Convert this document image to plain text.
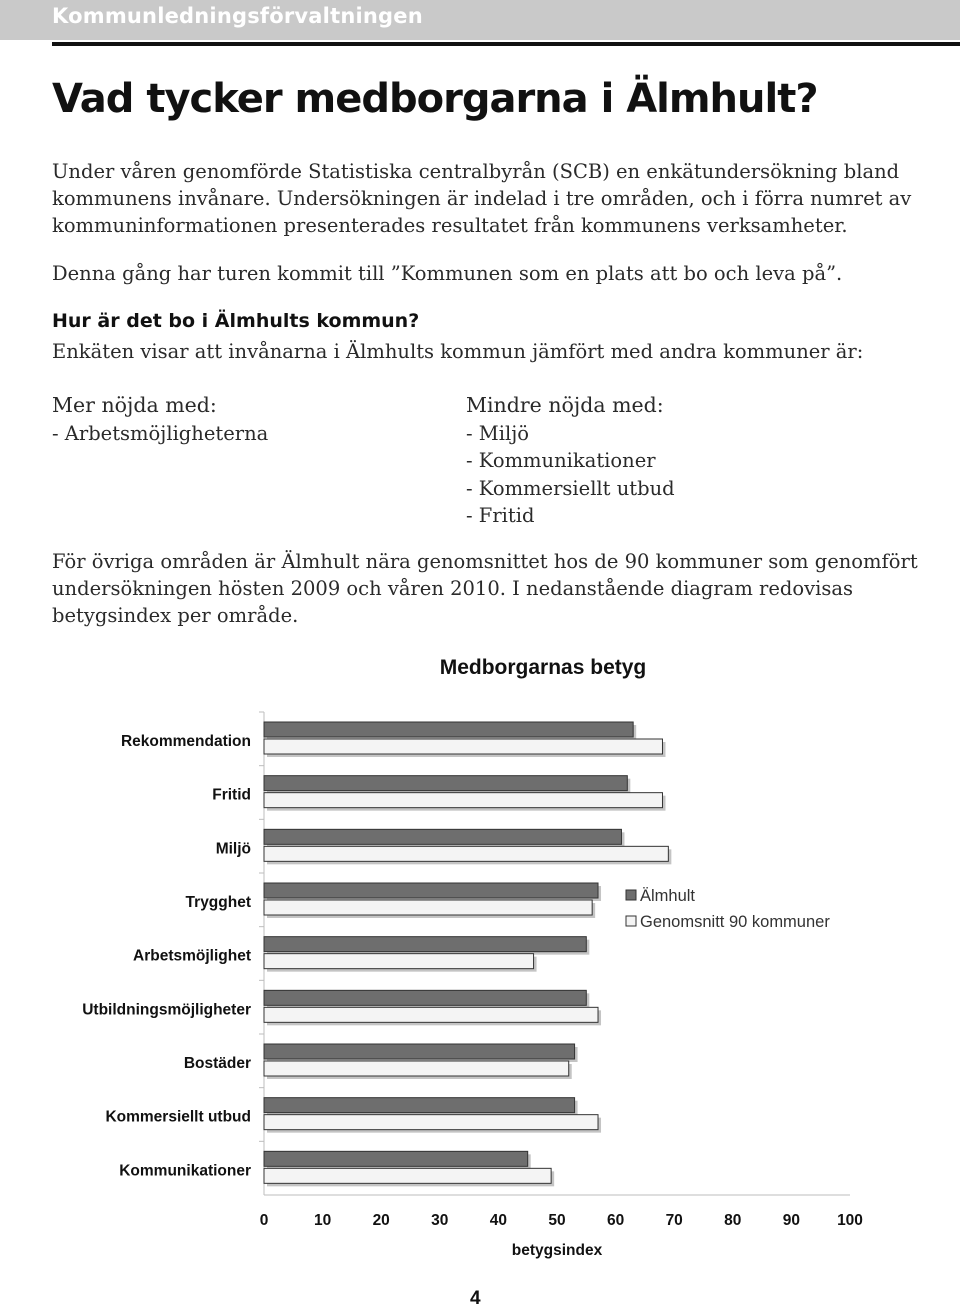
Kommunledningsförvaltningen
Vad tycker medborgarna i Älmhult?

Under våren genomförde Statistiska centralbyrån (SCB) en enkätundersökning bland kommunens invånare. Undersökningen är indelad i tre områden, och i förra numret av kommuninformationen presenterades resultatet från kommunens verksamheter.

Denna gång har turen kommit till ”Kommunen som en plats att bo och leva på”.

Hur är det bo i Älmhults kommun?

Enkäten visar att invånarna i Älmhults kommun jämfört med andra kommuner är:

Mer nöjda med:
- Arbetsmöjligheterna
Mindre nöjda med:
- Miljö
- Kommunikationer
- Kommersiellt utbud
- Fritid

För övriga områden är Älmhult nära genomsnittet hos de 90 kommuner som genomfört undersökningen hösten 2009 och våren 2010. I nedanstående diagram redovisas betygsindex per område.

Medborgarnas betyg
Rekommendation
Fritid
Miljö
Trygghet
Arbetsmöjlighet
Utbildningsmöjligheter
Bostäder
Kommersiellt utbud
Kommunikationer
0	10	20	30	40	50	60	70	80	90 100
betygsindex
Älmhult
Genomsnitt 90 kommuner
4
